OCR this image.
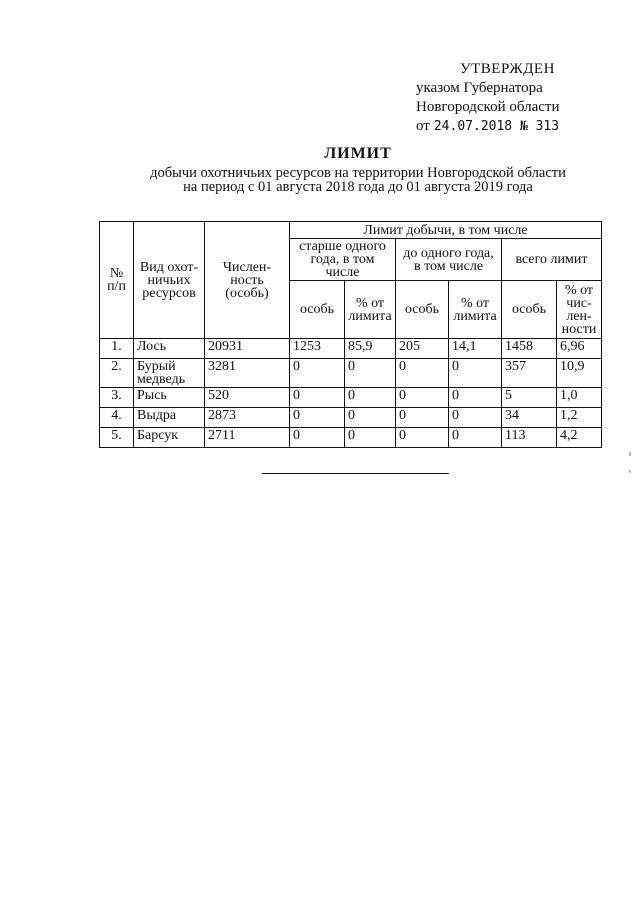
УТВЕРЖДЕН
указом Губернатора
Новгородской области
от 24.07.2018 № 313
ЛИМИТ
добычи охотничьих ресурсов на территории Новгородской области
на период с 01 августа 2018 года до 01 августа 2019 года
№ п/п	Вид охот-ничьих ресурсов	Числен-ность (особь)	Лимит добычи, в том числе					
			старше одного года, в том числе		до одного года, в том числе		всего лимит	
			особь	% от лимита	особь	% от лимита	особь	% от чис-лен-ности
1.	Лось	20931	1253	85,9	205	14,1	1458	6,96
2.	Бурый медведь	3281	0	0	0	0	357	10,9
3.	Рысь	520	0	0	0	0	5	1,0
4.	Выдра	2873	0	0	0	0	34	1,2
5.	Барсук	2711	0	0	0	0	113	4,2
